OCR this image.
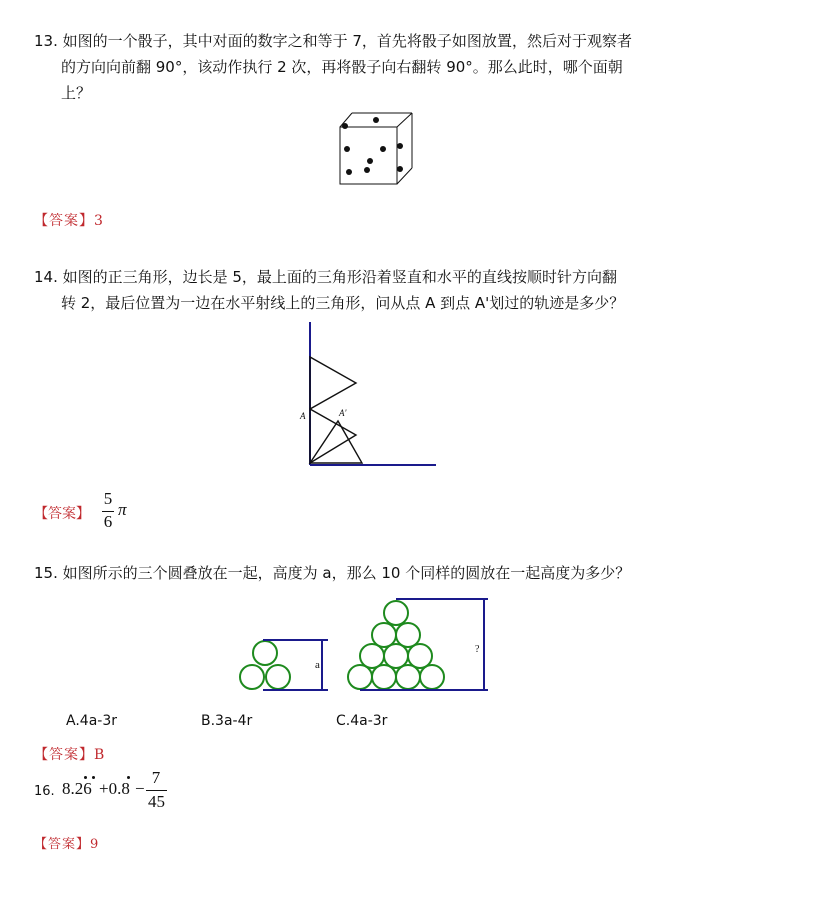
13. 如图的一个骰子，其中对面的数字之和等于 7，首先将骰子如图放置，然后对于观察者
的方向向前翻 90°，该动作执行 2 次，再将骰子向右翻转 90°。那么此时，哪个面朝
上？
【答案】3
14. 如图的正三角形，边长是 5，最上面的三角形沿着竖直和水平的直线按顺时针方向翻
转 2，最后位置为一边在水平射线上的三角形，问从点 A 到点 A'划过的轨迹是多少？
A	A'
【答案】
5
6
π
15. 如图所示的三个圆叠放在一起，高度为 a，那么 10 个同样的圆放在一起高度为多少？
a
?
A.4a-3r	B.3a-4r	C.4a-3r
【答案】B
16. 8.26 +0.8 −
7
45
【答案】9
